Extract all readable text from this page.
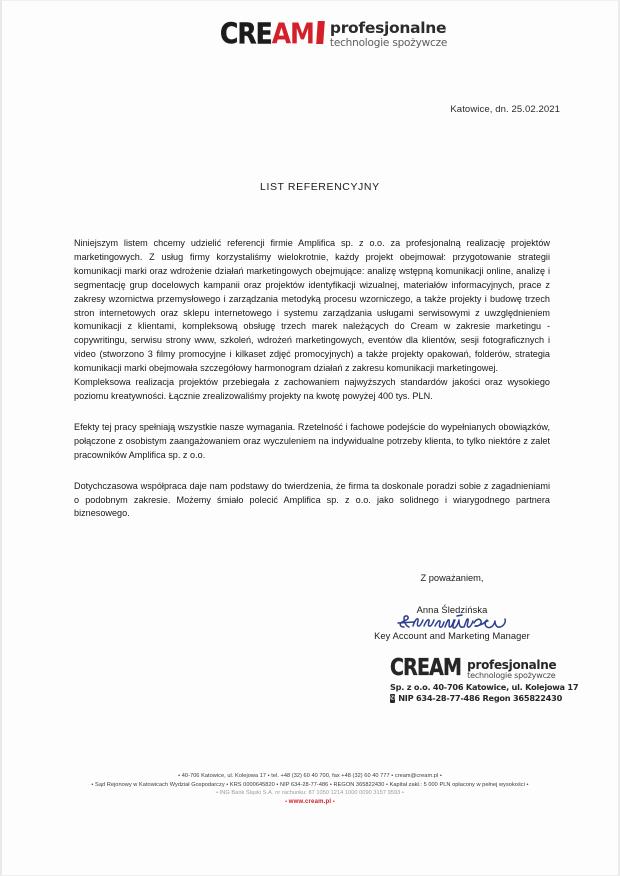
CRE AM profesjonalne
technologie spożywcze
Katowice, dn. 25.02.2021
LIST REFERENCYJNY

Niniejszym listem chcemy udzielić referencji firmie Amplifica sp. z o.o. za profesjonalną realizację projektów marketingowych. Z usług firmy korzystaliśmy wielokrotnie, każdy projekt obejmował: przygotowanie strategii komunikacji marki oraz wdrożenie działań marketingowych obejmujące: analizę wstępną komunikacji online, analizę i segmentację grup docelowych kampanii oraz projektów identyfikacji wizualnej, materiałów informacyjnych, prace z zakresy wzornictwa przemysłowego i zarządzania metodyką procesu wzorniczego, a także projekty i budowę trzech stron internetowych oraz sklepu internetowego i systemu zarządzania usługami serwisowymi z uwzględnieniem komunikacji z klientami, kompleksową obsługę trzech marek należących do Cream w zakresie marketingu - copywritingu, serwisu strony www, szkoleń, wdrożeń marketingowych, eventów dla klientów, sesji fotograficznych i video (stworzono 3 filmy promocyjne i kilkaset zdjęć promocyjnych) a także projekty opakowań, folderów, strategia komunikacji marki obejmowała szczegółowy harmonogram działań z zakresu komunikacji marketingowej.

Kompleksowa realizacja projektów przebiegała z zachowaniem najwyższych standardów jakości oraz wysokiego poziomu kreatywności. Łącznie zrealizowaliśmy projekty na kwotę powyżej 400 tys. PLN.

Efekty tej pracy spełniają wszystkie nasze wymagania. Rzetelność i fachowe podejście do wypełnianych obowiązków, połączone z osobistym zaangażowaniem oraz wyczuleniem na indywidualne potrzeby klienta, to tylko niektóre z zalet pracowników Amplifica sp. z o.o.

Dotychczasowa współpraca daje nam podstawy do twierdzenia, że firma ta doskonale poradzi sobie z zagadnieniami o podobnym zakresie. Możemy śmiało polecić Amplifica sp. z o.o. jako solidnego i wiarygodnego partnera biznesowego.

Z poważaniem,
Anna Śledzińska
Key Account and Marketing Manager
CREAM profesjonalne
technologie spożywcze
Sp. z o.o. 40-706 Katowice, ul. Kolejowa 17
✆ NIP 634-28-77-486 Regon 365822430
• 40-706 Katowice, ul. Kolejowa 17 • tel. +48 (32) 60 40 700, fax +48 (32) 60 40 777 • cream@cream.pl •
• Sąd Rejonowy w Katowicach Wydział Gospodarczy • KRS 0000645820 • NIP 634-28-77-486 • REGON 365822430 • Kapitał zakł.: 5 000 PLN opłacony w pełnej wysokości •
• ING Bank Śląski S.A. nr rachunku: 87 1050 1214 1000 0090 3157 9593 •
• www.cream.pl •
